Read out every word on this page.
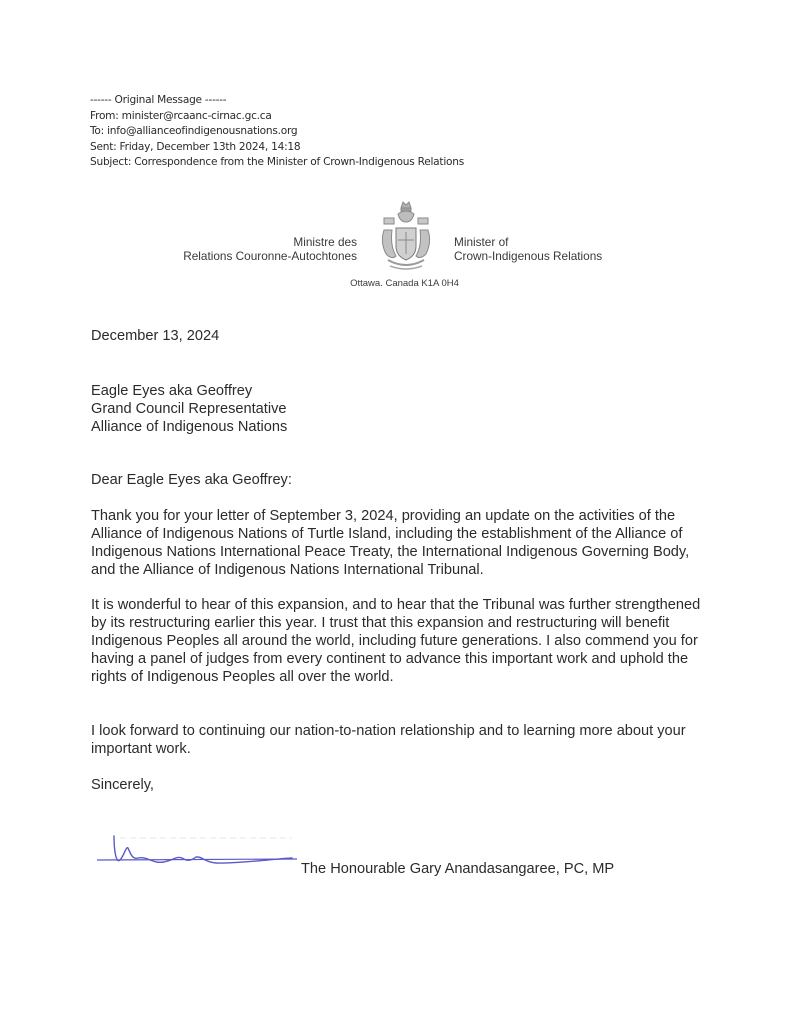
------ Original Message ------
From: minister@rcaanc-cirnac.gc.ca
To: info@allianceofindigenousnations.org
Sent: Friday, December 13th 2024, 14:18
Subject: Correspondence from the Minister of Crown-Indigenous Relations
Ministre des
Relations Couronne-Autochtones
Minister of
Crown-Indigenous Relations
Ottawa. Canada K1A 0H4
December 13, 2024
Eagle Eyes aka Geoffrey
Grand Council Representative
Alliance of Indigenous Nations
Dear Eagle Eyes aka Geoffrey:
Thank you for your letter of September 3, 2024, providing an update on the activities of the Alliance of Indigenous Nations of Turtle Island, including the establishment of the Alliance of Indigenous Nations International Peace Treaty, the International Indigenous Governing Body, and the Alliance of Indigenous Nations International Tribunal.
It is wonderful to hear of this expansion, and to hear that the Tribunal was further strengthened by its restructuring earlier this year. I trust that this expansion and restructuring will benefit Indigenous Peoples all around the world, including future generations. I also commend you for having a panel of judges from every continent to advance this important work and uphold the rights of Indigenous Peoples all over the world.
I look forward to continuing our nation-to-nation relationship and to learning more about your important work.
Sincerely,
The Honourable Gary Anandasangaree, PC, MP
